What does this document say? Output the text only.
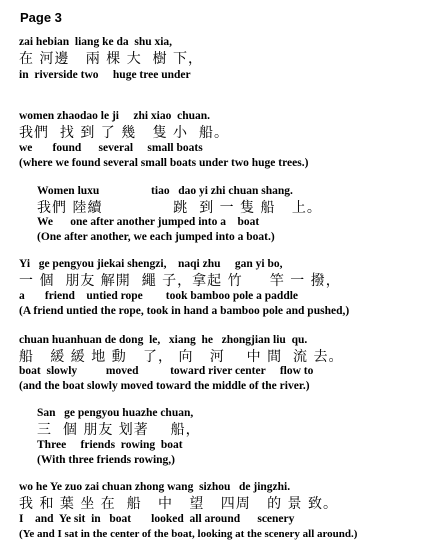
Page 3
zai hebian  liang ke da  shu xia,
在 河邊   兩 棵 大  樹 下，
in  riverside two     huge tree under
women zhaodao le ji     zhi xiao  chuan.
我們  找 到 了 幾   隻 小  船。
we       found      several     small boats
(where we found several small boats under two huge trees.)
Women luxu                  tiao   dao yi zhi chuan shang.
我們 陸續             跳  到 一 隻 船   上。
We      one after another jumped into a    boat
(One after another, we each jumped into a boat.)
Yi   ge pengyou jiekai shengzi,    naqi zhu     gan yi bo,
一 個  朋友 解開  繩 子，拿起 竹     竿 一 撥，
a       friend    untied rope        took bamboo pole a paddle
(A friend untied the rope, took in hand a bamboo pole and pushed,)
chuan huanhuan de dong  le,   xiang  he   zhongjian liu  qu.
船   緩 緩 地 動   了， 向   河    中 間  流 去。
boat  slowly          moved           toward river center     flow to
(and the boat slowly moved toward the middle of the river.)
San   ge pengyou huazhe chuan,
三  個 朋友 划著    船，
Three     friends  rowing  boat
(With three friends rowing,)
wo he Ye zuo zai chuan zhong wang  sizhou   de jingzhi.
我 和 葉 坐 在  船   中   望   四周   的 景 致。
I    and  Ye sit  in   boat       looked  all around      scenery
(Ye and I sat in the center of the boat, looking at the scenery all around.)
